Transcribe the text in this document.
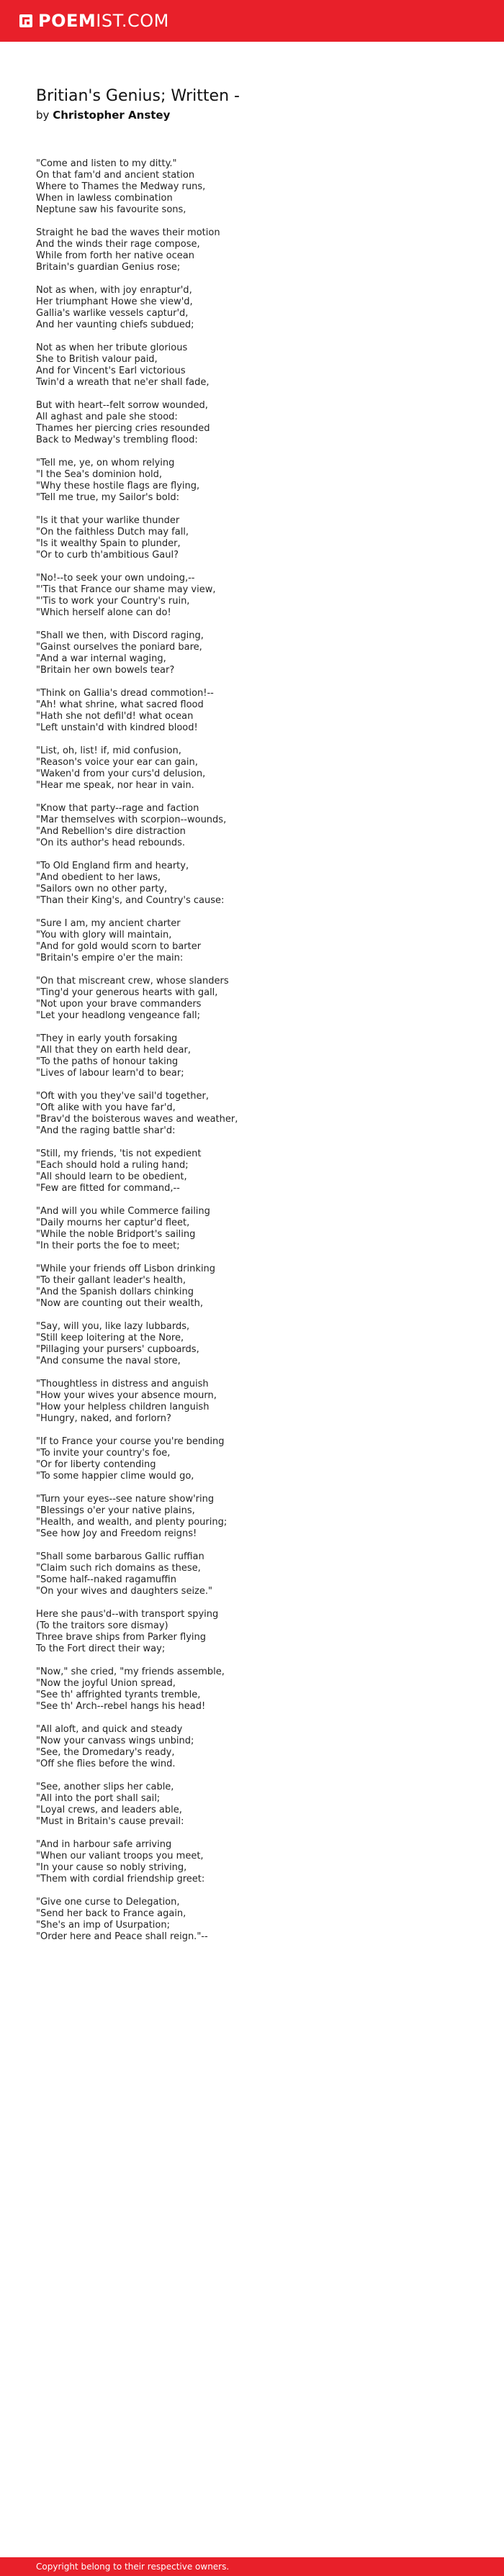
POEMIST.COM
Britian's Genius; Written -

by Christopher Anstey

"Come and listen to my ditty."
On that fam'd and ancient station
Where to Thames the Medway runs,
When in lawless combination
Neptune saw his favourite sons,
Straight he bad the waves their motion
And the winds their rage compose,
While from forth her native ocean
Britain's guardian Genius rose;
Not as when, with joy enraptur'd,
Her triumphant Howe she view'd,
Gallia's warlike vessels captur'd,
And her vaunting chiefs subdued;
Not as when her tribute glorious
She to British valour paid,
And for Vincent's Earl victorious
Twin'd a wreath that ne'er shall fade,
But with heart--felt sorrow wounded,
All aghast and pale she stood:
Thames her piercing cries resounded
Back to Medway's trembling flood:
"Tell me, ye, on whom relying
"I the Sea's dominion hold,
"Why these hostile flags are flying,
"Tell me true, my Sailor's bold:
"Is it that your warlike thunder
"On the faithless Dutch may fall,
"Is it wealthy Spain to plunder,
"Or to curb th'ambitious Gaul?
"No!--to seek your own undoing,--
"'Tis that France our shame may view,
"'Tis to work your Country's ruin,
"Which herself alone can do!
"Shall we then, with Discord raging,
"Gainst ourselves the poniard bare,
"And a war internal waging,
"Britain her own bowels tear?
"Think on Gallia's dread commotion!--
"Ah! what shrine, what sacred flood
"Hath she not defil'd! what ocean
"Left unstain'd with kindred blood!
"List, oh, list! if, mid confusion,
"Reason's voice your ear can gain,
"Waken'd from your curs'd delusion,
"Hear me speak, nor hear in vain.
"Know that party--rage and faction
"Mar themselves with scorpion--wounds,
"And Rebellion's dire distraction
"On its author's head rebounds.
"To Old England firm and hearty,
"And obedient to her laws,
"Sailors own no other party,
"Than their King's, and Country's cause:
"Sure I am, my ancient charter
"You with glory will maintain,
"And for gold would scorn to barter
"Britain's empire o'er the main:
"On that miscreant crew, whose slanders
"Ting'd your generous hearts with gall,
"Not upon your brave commanders
"Let your headlong vengeance fall;
"They in early youth forsaking
"All that they on earth held dear,
"To the paths of honour taking
"Lives of labour learn'd to bear;
"Oft with you they've sail'd together,
"Oft alike with you have far'd,
"Brav'd the boisterous waves and weather,
"And the raging battle shar'd:
"Still, my friends, 'tis not expedient
"Each should hold a ruling hand;
"All should learn to be obedient,
"Few are fitted for command,--
"And will you while Commerce failing
"Daily mourns her captur'd fleet,
"While the noble Bridport's sailing
"In their ports the foe to meet;
"While your friends off Lisbon drinking
"To their gallant leader's health,
"And the Spanish dollars chinking
"Now are counting out their wealth,
"Say, will you, like lazy lubbards,
"Still keep loitering at the Nore,
"Pillaging your pursers' cupboards,
"And consume the naval store,
"Thoughtless in distress and anguish
"How your wives your absence mourn,
"How your helpless children languish
"Hungry, naked, and forlorn?
"If to France your course you're bending
"To invite your country's foe,
"Or for liberty contending
"To some happier clime would go,
"Turn your eyes--see nature show'ring
"Blessings o'er your native plains,
"Health, and wealth, and plenty pouring;
"See how Joy and Freedom reigns!
"Shall some barbarous Gallic ruffian
"Claim such rich domains as these,
"Some half--naked ragamuffin
"On your wives and daughters seize."
Here she paus'd--with transport spying
(To the traitors sore dismay)
Three brave ships from Parker flying
To the Fort direct their way;
"Now," she cried, "my friends assemble,
"Now the joyful Union spread,
"See th' affrighted tyrants tremble,
"See th' Arch--rebel hangs his head!
"All aloft, and quick and steady
"Now your canvass wings unbind;
"See, the Dromedary's ready,
"Off she flies before the wind.
"See, another slips her cable,
"All into the port shall sail;
"Loyal crews, and leaders able,
"Must in Britain's cause prevail:
"And in harbour safe arriving
"When our valiant troops you meet,
"In your cause so nobly striving,
"Them with cordial friendship greet:
"Give one curse to Delegation,
"Send her back to France again,
"She's an imp of Usurpation;
"Order here and Peace shall reign."--
Copyright belong to their respective owners.
